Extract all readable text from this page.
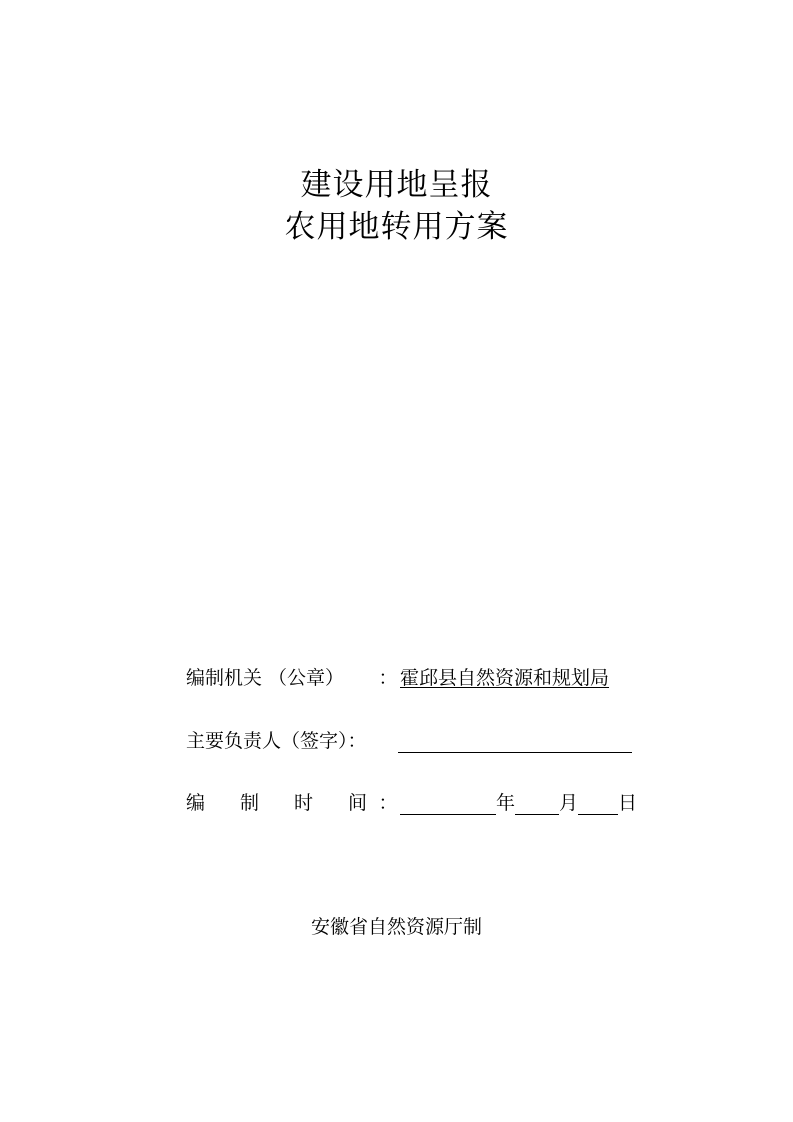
建设用地呈报
农用地转用方案
编制机关 （公章） ： 霍邱县自然资源和规划局
主要负责人（签字）：
编 制 时 间 ：	年 月 日
安徽省自然资源厅制
